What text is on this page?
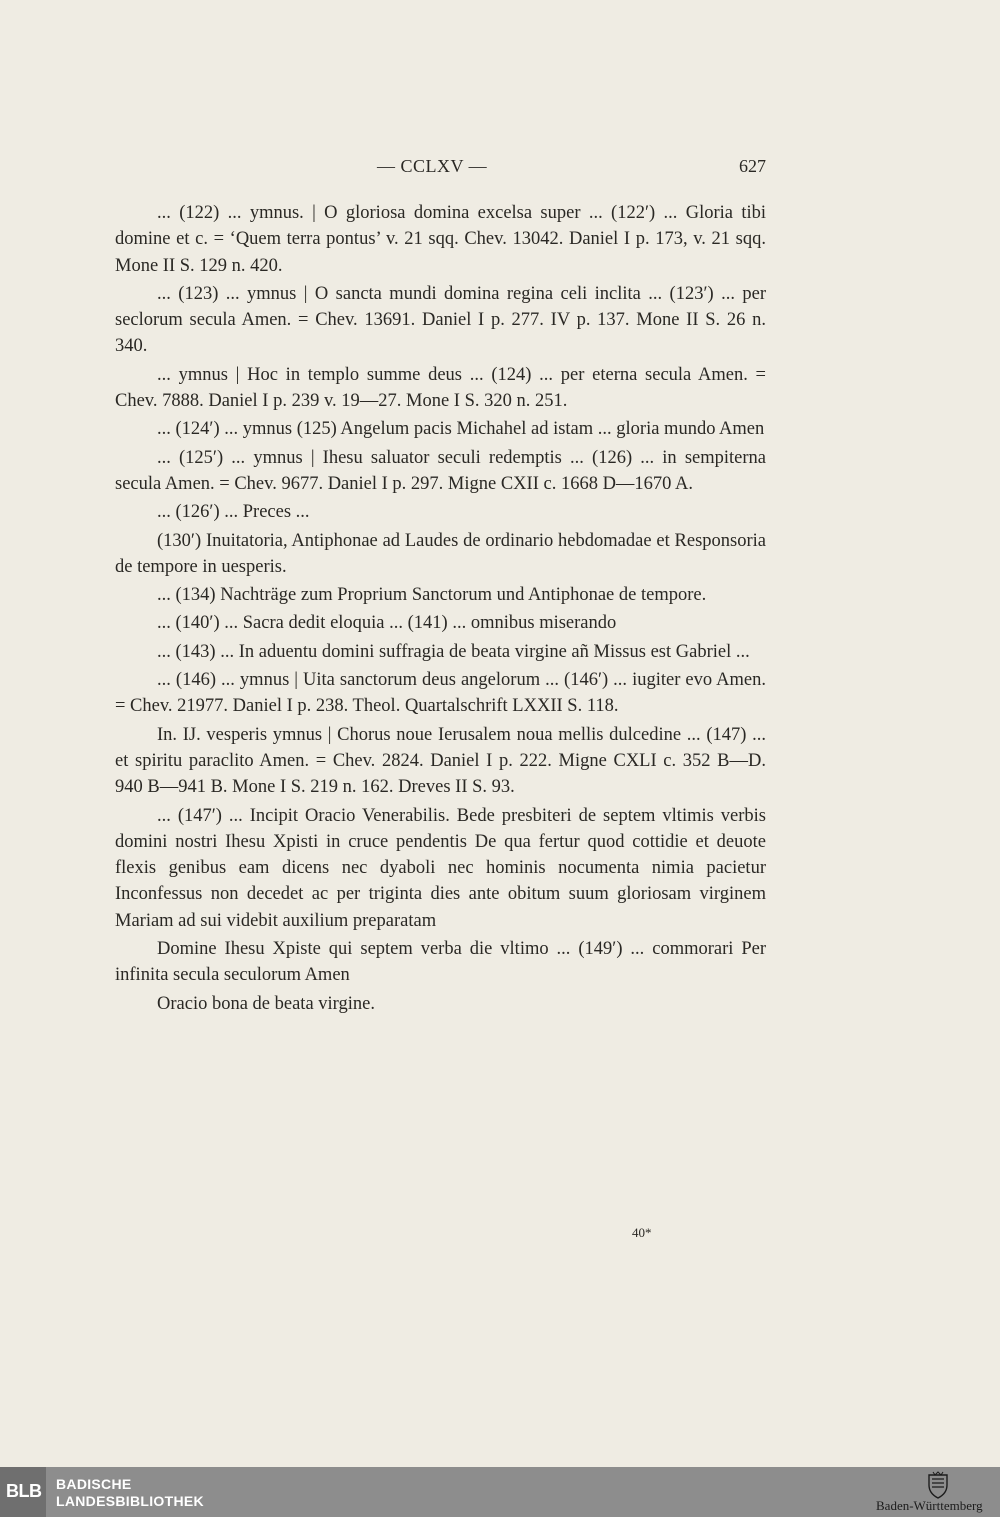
— CCLXV —	627

... (122) ... ymnus. | O gloriosa domina excelsa super ... (122′) ... Gloria tibi domine et c. = ‘Quem terra pontus’ v. 21 sqq. Chev. 13042. Daniel I p. 173, v. 21 sqq. Mone II S. 129 n. 420.

... (123) ... ymnus | O sancta mundi domina regina celi inclita ... (123′) ... per seclorum secula Amen. = Chev. 13691. Daniel I p. 277. IV p. 137. Mone II S. 26 n. 340.

... ymnus | Hoc in templo summe deus ... (124) ... per eterna secula Amen. = Chev. 7888. Daniel I p. 239 v. 19—27. Mone I S. 320 n. 251.

... (124′) ... ymnus (125) Angelum pacis Michahel ad istam ... gloria mundo Amen

... (125′) ... ymnus | Ihesu saluator seculi redemptis ... (126) ... in sempiterna secula Amen. = Chev. 9677. Daniel I p. 297. Migne CXII c. 1668 D—1670 A.

... (126′) ... Preces ...

(130′) Inuitatoria, Antiphonae ad Laudes de ordinario hebdomadae et Responsoria de tempore in uesperis.

... (134) Nachträge zum Proprium Sanctorum und Antiphonae de tempore.

... (140′) ... Sacra dedit eloquia ... (141) ... omnibus miserando

... (143) ... In aduentu domini suffragia de beata virgine añ Missus est Gabriel ...

... (146) ... ymnus | Uita sanctorum deus angelorum ... (146′) ... iugiter evo Amen. = Chev. 21977. Daniel I p. 238. Theol. Quartalschrift LXXII S. 118.

In. IJ. vesperis ymnus | Chorus noue Ierusalem noua mellis dulcedine ... (147) ... et spiritu paraclito Amen. = Chev. 2824. Daniel I p. 222. Migne CXLI c. 352 B—D. 940 B—941 B. Mone I S. 219 n. 162. Dreves II S. 93.

... (147′) ... Incipit Oracio Venerabilis. Bede presbiteri de septem vltimis verbis domini nostri Ihesu Xpisti in cruce pendentis De qua fertur quod cottidie et deuote flexis genibus eam dicens nec dyaboli nec hominis nocumenta nimia pacietur Inconfessus non decedet ac per triginta dies ante obitum suum gloriosam virginem Mariam ad sui videbit auxilium preparatam

Domine Ihesu Xpiste qui septem verba die vltimo ... (149′) ... commorari Per infinita secula seculorum Amen

Oracio bona de beata virgine.

40*
BLB BADISCHE
LANDESBIBLIOTHEK	Baden-Württemberg
